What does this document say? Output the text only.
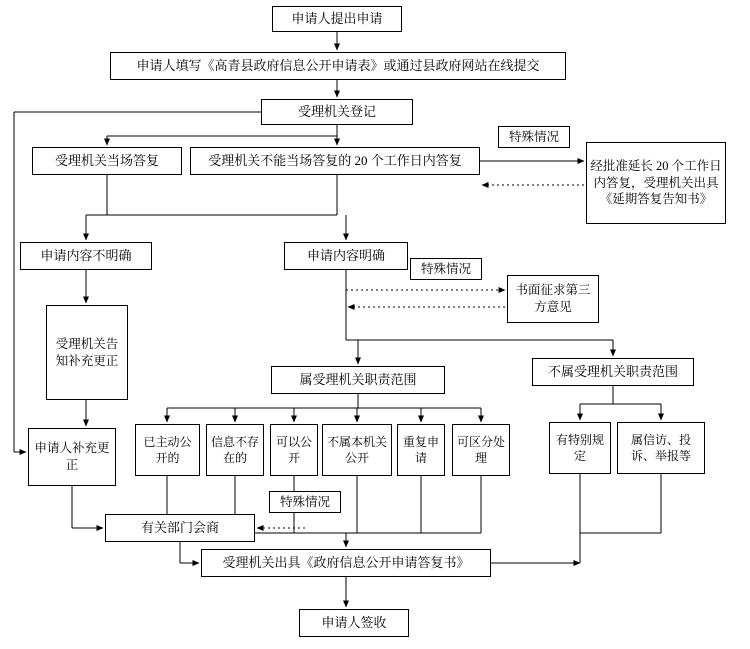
申请人提出申请
申请人填写《高青县政府信息公开申请表》或通过县政府网站在线提交
受理机关登记
特殊情况
受理机关当场答复	受理机关不能当场答复的 20 个工作日内答复	经批准延长 20 个工作日内答复，受理机关出具《延期答复告知书》
申请内容不明确	申请内容明确
特殊情况
书面征求第三方意见
受理机关告知补充更正
属受理机关职责范围
不属受理机关职责范围
申请人补充更正
已主动公开的
信息不存在的
可以公开
不属本机关公开
重复申请
可区分处理
有特别规定
属信访、投诉、举报等
特殊情况
有关部门会商
受理机关出具《政府信息公开申请答复书》
申请人签收
